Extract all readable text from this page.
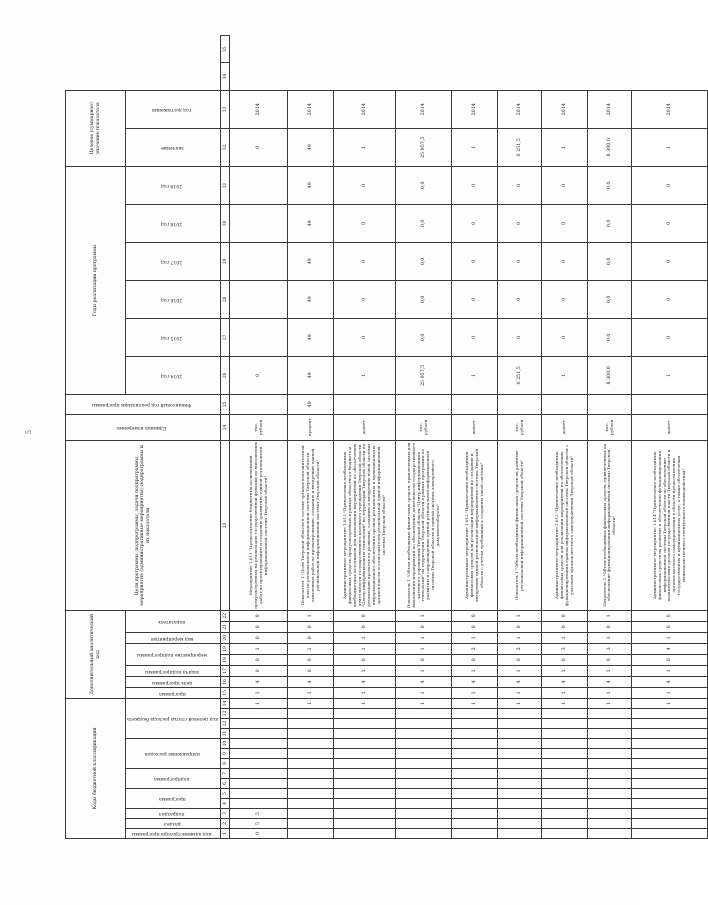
5
Коды бюджетной классификации														Дополнительный аналитический код								Цели программы, подпрограммы, задачи подпрограммы, мероприятия (административные мероприятия) подпрограммы и их показатели	Единица измерения	Финансовый год реализации программы	Годы реализации программы						Целевое (суммарное) значение показателя			
код администратора программы	раздел	подраздел	программа		подпрограмма		направление расходов			код целевой статьи расхода бюджета				программа	цель программы	задача подпрограммы	мероприятие подпрограммы		вид мероприятия	показатель					2014 год	2015 год	2016 год	2017 год	2018 год	2019 год	значение	год достижения		
1	2	3	4	5	6	7	8	9	10	11	12	13	14	15	16	17	18	19	20	21	22	23	24	25	26	27	28	29	30	31	32	33	34	35
0	5	5											1	1	4	0	0	1	0	0	0	Мероприятие 1.011 "Предоставление бюджетных ассигнований предусмотренных на реализацию государственной функции по выполнению работ по проектированию и созданию (развитию) единой региональной информационной системы Тверской области"	тыс. рублей		0						0	2014		
													1	1	4	0	0	1	0	0	1	Показатель 1 "Доля Тверской области в составе органов исполнительной власти региональной информационной системы Тверской области охваченных работ по проектированию, созданию и внедрению единой региональной информационной системы Тверской области"	процент	49	49	49	49	49	49	49	49	2014		
													1	1	4	1	0	1	1	0	0	Административное мероприятие 1.013 "Привлечение необходимых финансовых средств, предусмотренных в рамках областного бюджета и внебюджетных источников для выполнения мероприятий по обеспечению деятельности государственного казенного учреждения Тверской области "Центр информационных технологий" по территории Тверской области на реализацию проектов по развитию, созданию и внедрению новой системы информационного обеспечения органов региональных и муниципальных органов власти и пользователей региональной единой информационной системы Тверской области"	да/нет		1	0	0	0	0	0	1	2014		
													1	1	4	1	0	1	1	0	1	Показатель 1 "Объем необходимых финансовых средств, привлеченных для выполнения мероприятий по обеспечению деятельности государственного казенного учреждения Тверской области "Центр информационных технологий" на территории Тверской области в рамках программы по развитию и сопровождению единой региональной информационной системы Тверской области и единой системы электронного документооборота"	тыс. рублей		25 957,5	0,0	0,0	0,0	0,0	0,0	25 957,5	2014		
													1	1	4	1	0	2	1	0	0	Административное мероприятие 1.012 "Привлечение необходимых финансовых средств для реализации мероприятий по созданию и внедрению единой региональной информационной системы Тверской области с учетом требований к созданию такой системы"	да/нет		1	0	0	0	0	0	1	2014		
													1	1	4	1	0	2	1	0	1	Показатель 1 "Объем необходимых финансовых средств на развитие региональной информационной системы Тверской области"	тыс. рублей		6 251,5	0	0	0	0	0	6 251,5	2014		
													1	1	4	1	0	3	1	0	0	Административное мероприятие 1.013 "Привлечение необходимых финансовых средств для реализации мероприятий по обеспечению функционирования единой информационной системы Тверской области с участием органов местного самоуправления Тверской области"	да/нет		1	0	0	0	0	0	1	2014		
													1	1	4	1	0	3	1	0	1	Показатель 1 "Объем необходимых финансовых средств, привлеченных на обеспечение функционирования информационной системы Тверской области"	тыс. рублей		8 300,0	0,0	0,0	0,0	0,0	0,0	8 300,0	2014		
													1	1	4	1	0	4	1	0	0	Административное мероприятие 1.014 "Привлечение необходимых финансовых средств на развитие и обеспечение функционирования информационной системы Тверской области по обеспечению взаимодействия органов государственной власти Тверской области и органов местного самоуправления в области предоставления государственных и муниципальных услуг, а также обеспечения межведомственного электронного взаимодействия"	да/нет		1	0	0	0	0	0	1	2014		
